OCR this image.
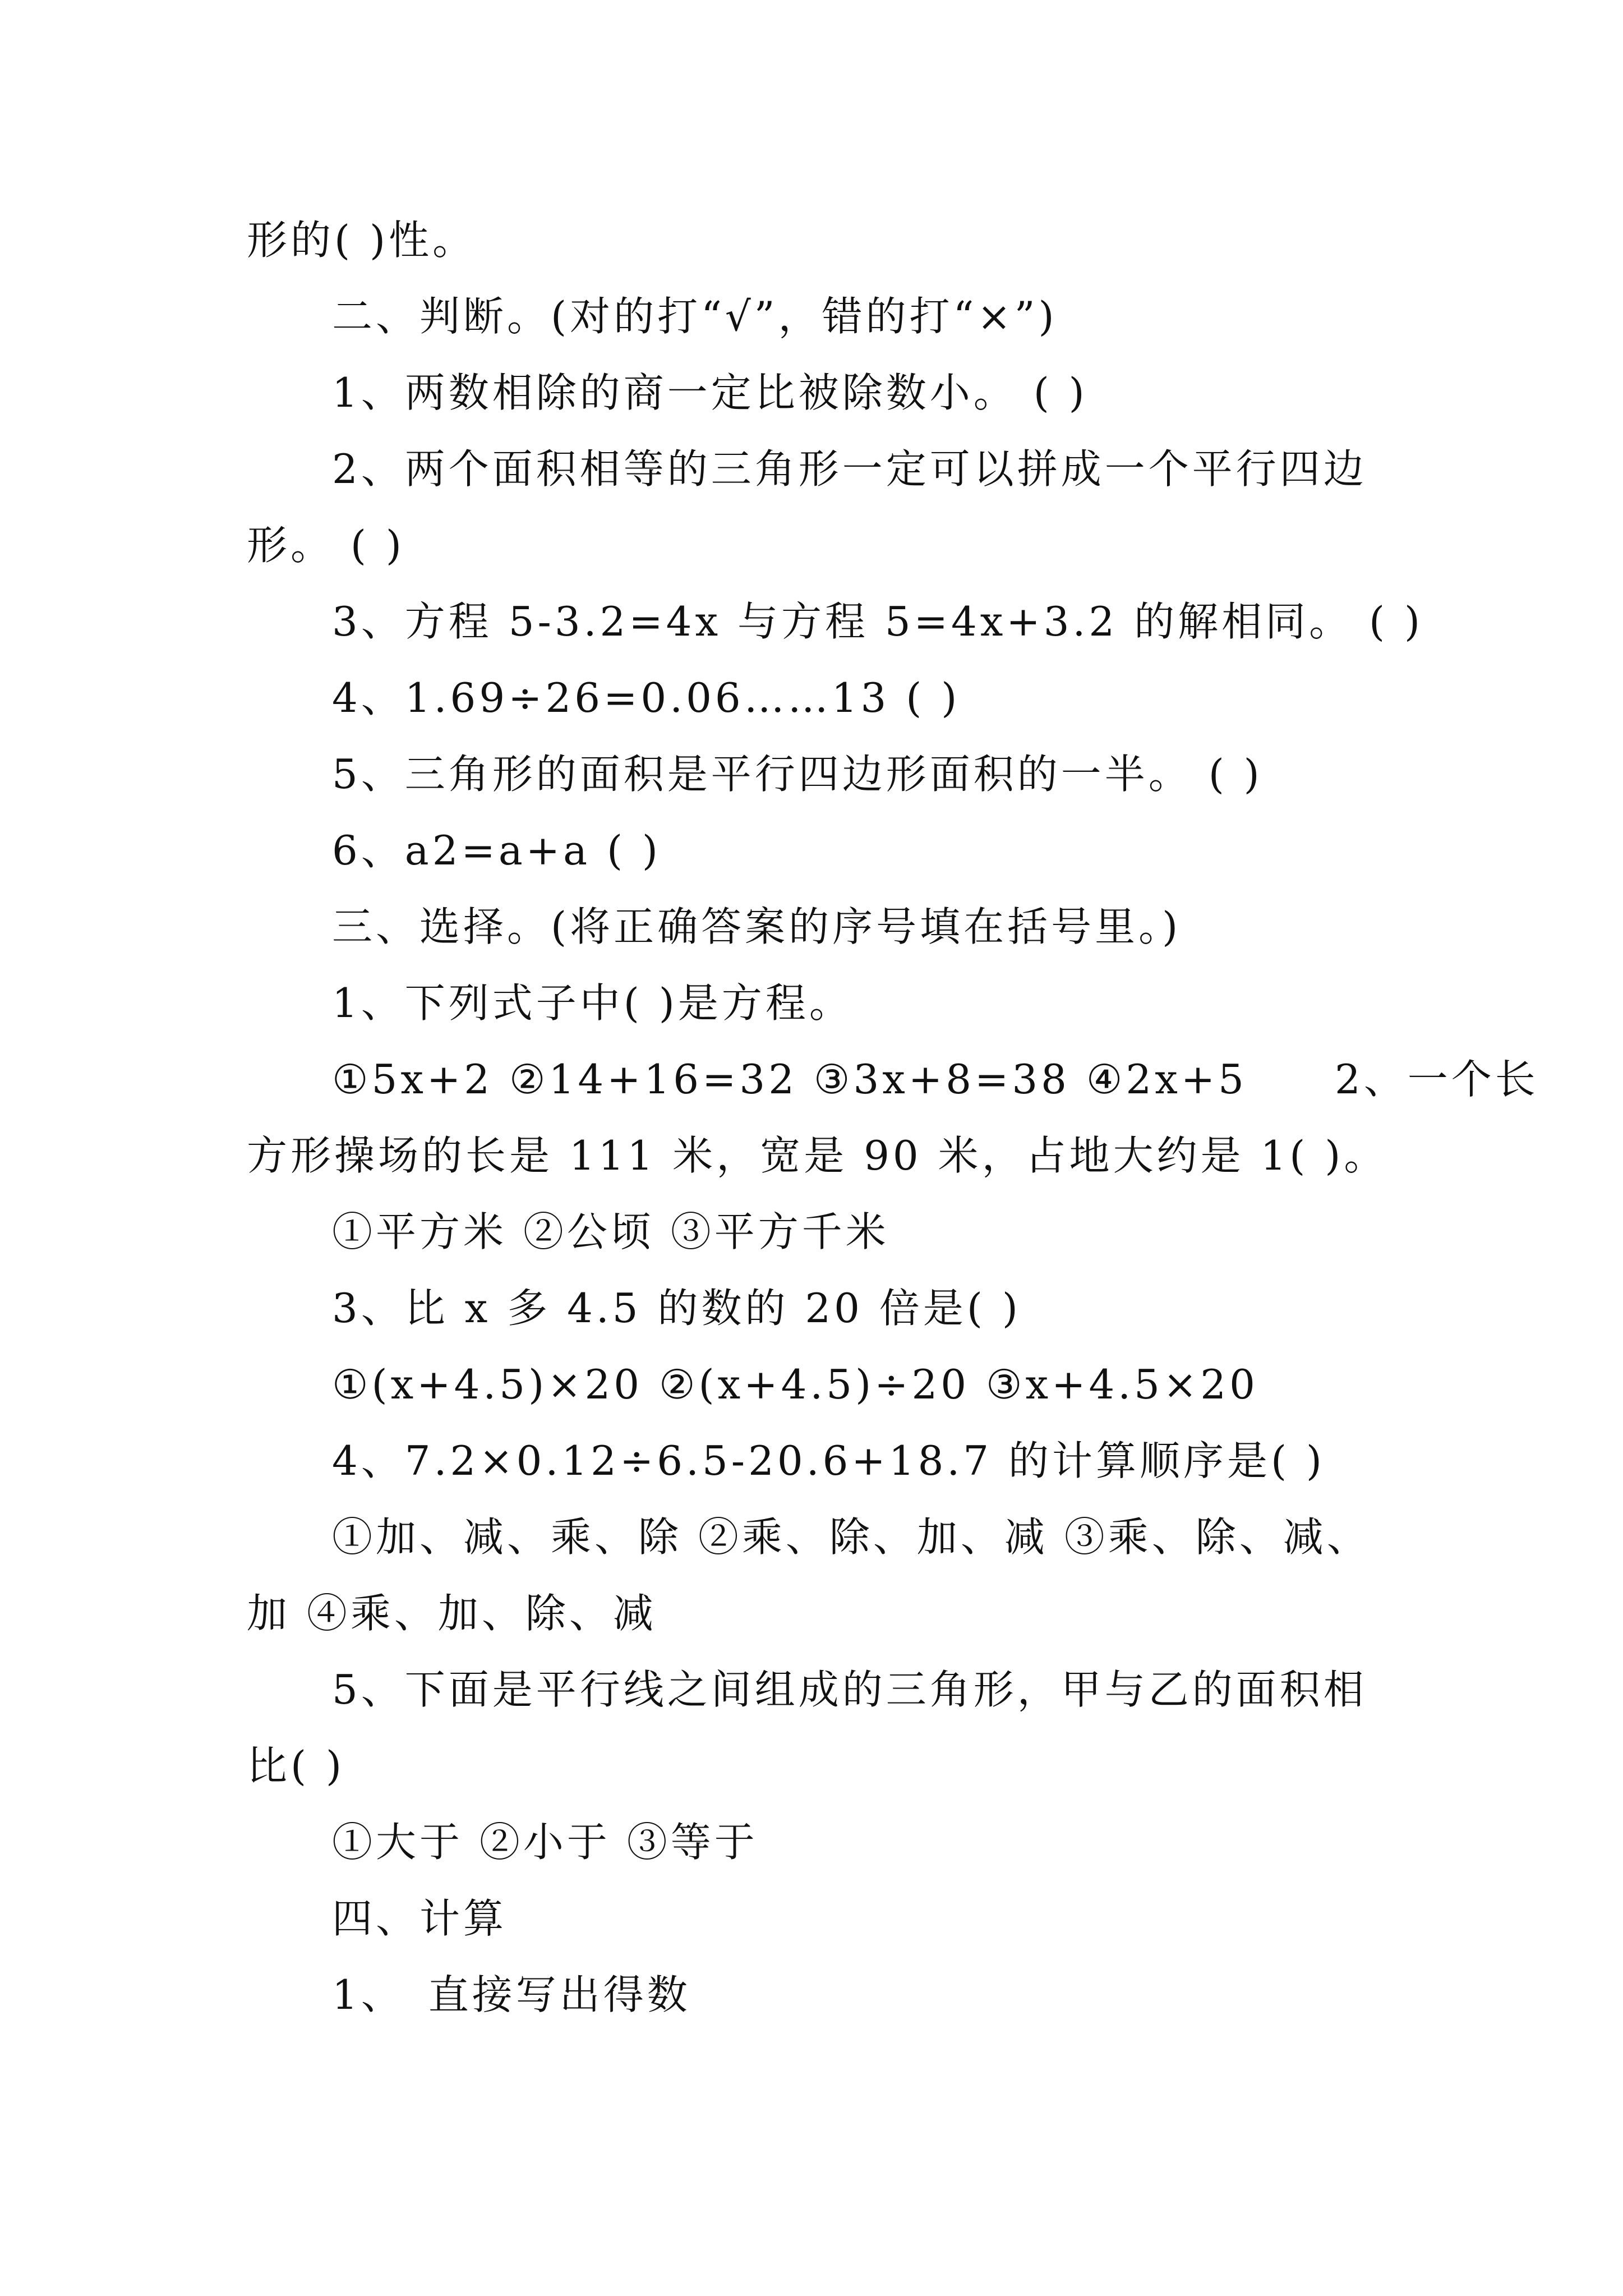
形的( )性。

二、判断。(对的打“√”，错的打“×”)

1、两数相除的商一定比被除数小。 ( )

2、两个面积相等的三角形一定可以拼成一个平行四边

形。 ( )

3、方程 5-3.2=4x 与方程 5=4x+3.2 的解相同。 ( )

4、1.69÷26=0.06……13 ( )

5、三角形的面积是平行四边形面积的一半。 ( )

6、a2=a+a ( )

三、选择。(将正确答案的序号填在括号里。)

1、下列式子中( )是方程。

①5x+2 ②14+16=32 ③3x+8=38 ④2x+5　　2、一个长

方形操场的长是 111 米，宽是 90 米，占地大约是 1( )。

①平方米 ②公顷 ③平方千米

3、比 x 多 4.5 的数的 20 倍是( )

①(x+4.5)×20 ②(x+4.5)÷20 ③x+4.5×20

4、7.2×0.12÷6.5-20.6+18.7 的计算顺序是( )

①加、减、乘、除 ②乘、除、加、减 ③乘、除、减、

加 ④乘、加、除、减

5、下面是平行线之间组成的三角形，甲与乙的面积相

比( )

①大于 ②小于 ③等于

四、计算

1、　直接写出得数
